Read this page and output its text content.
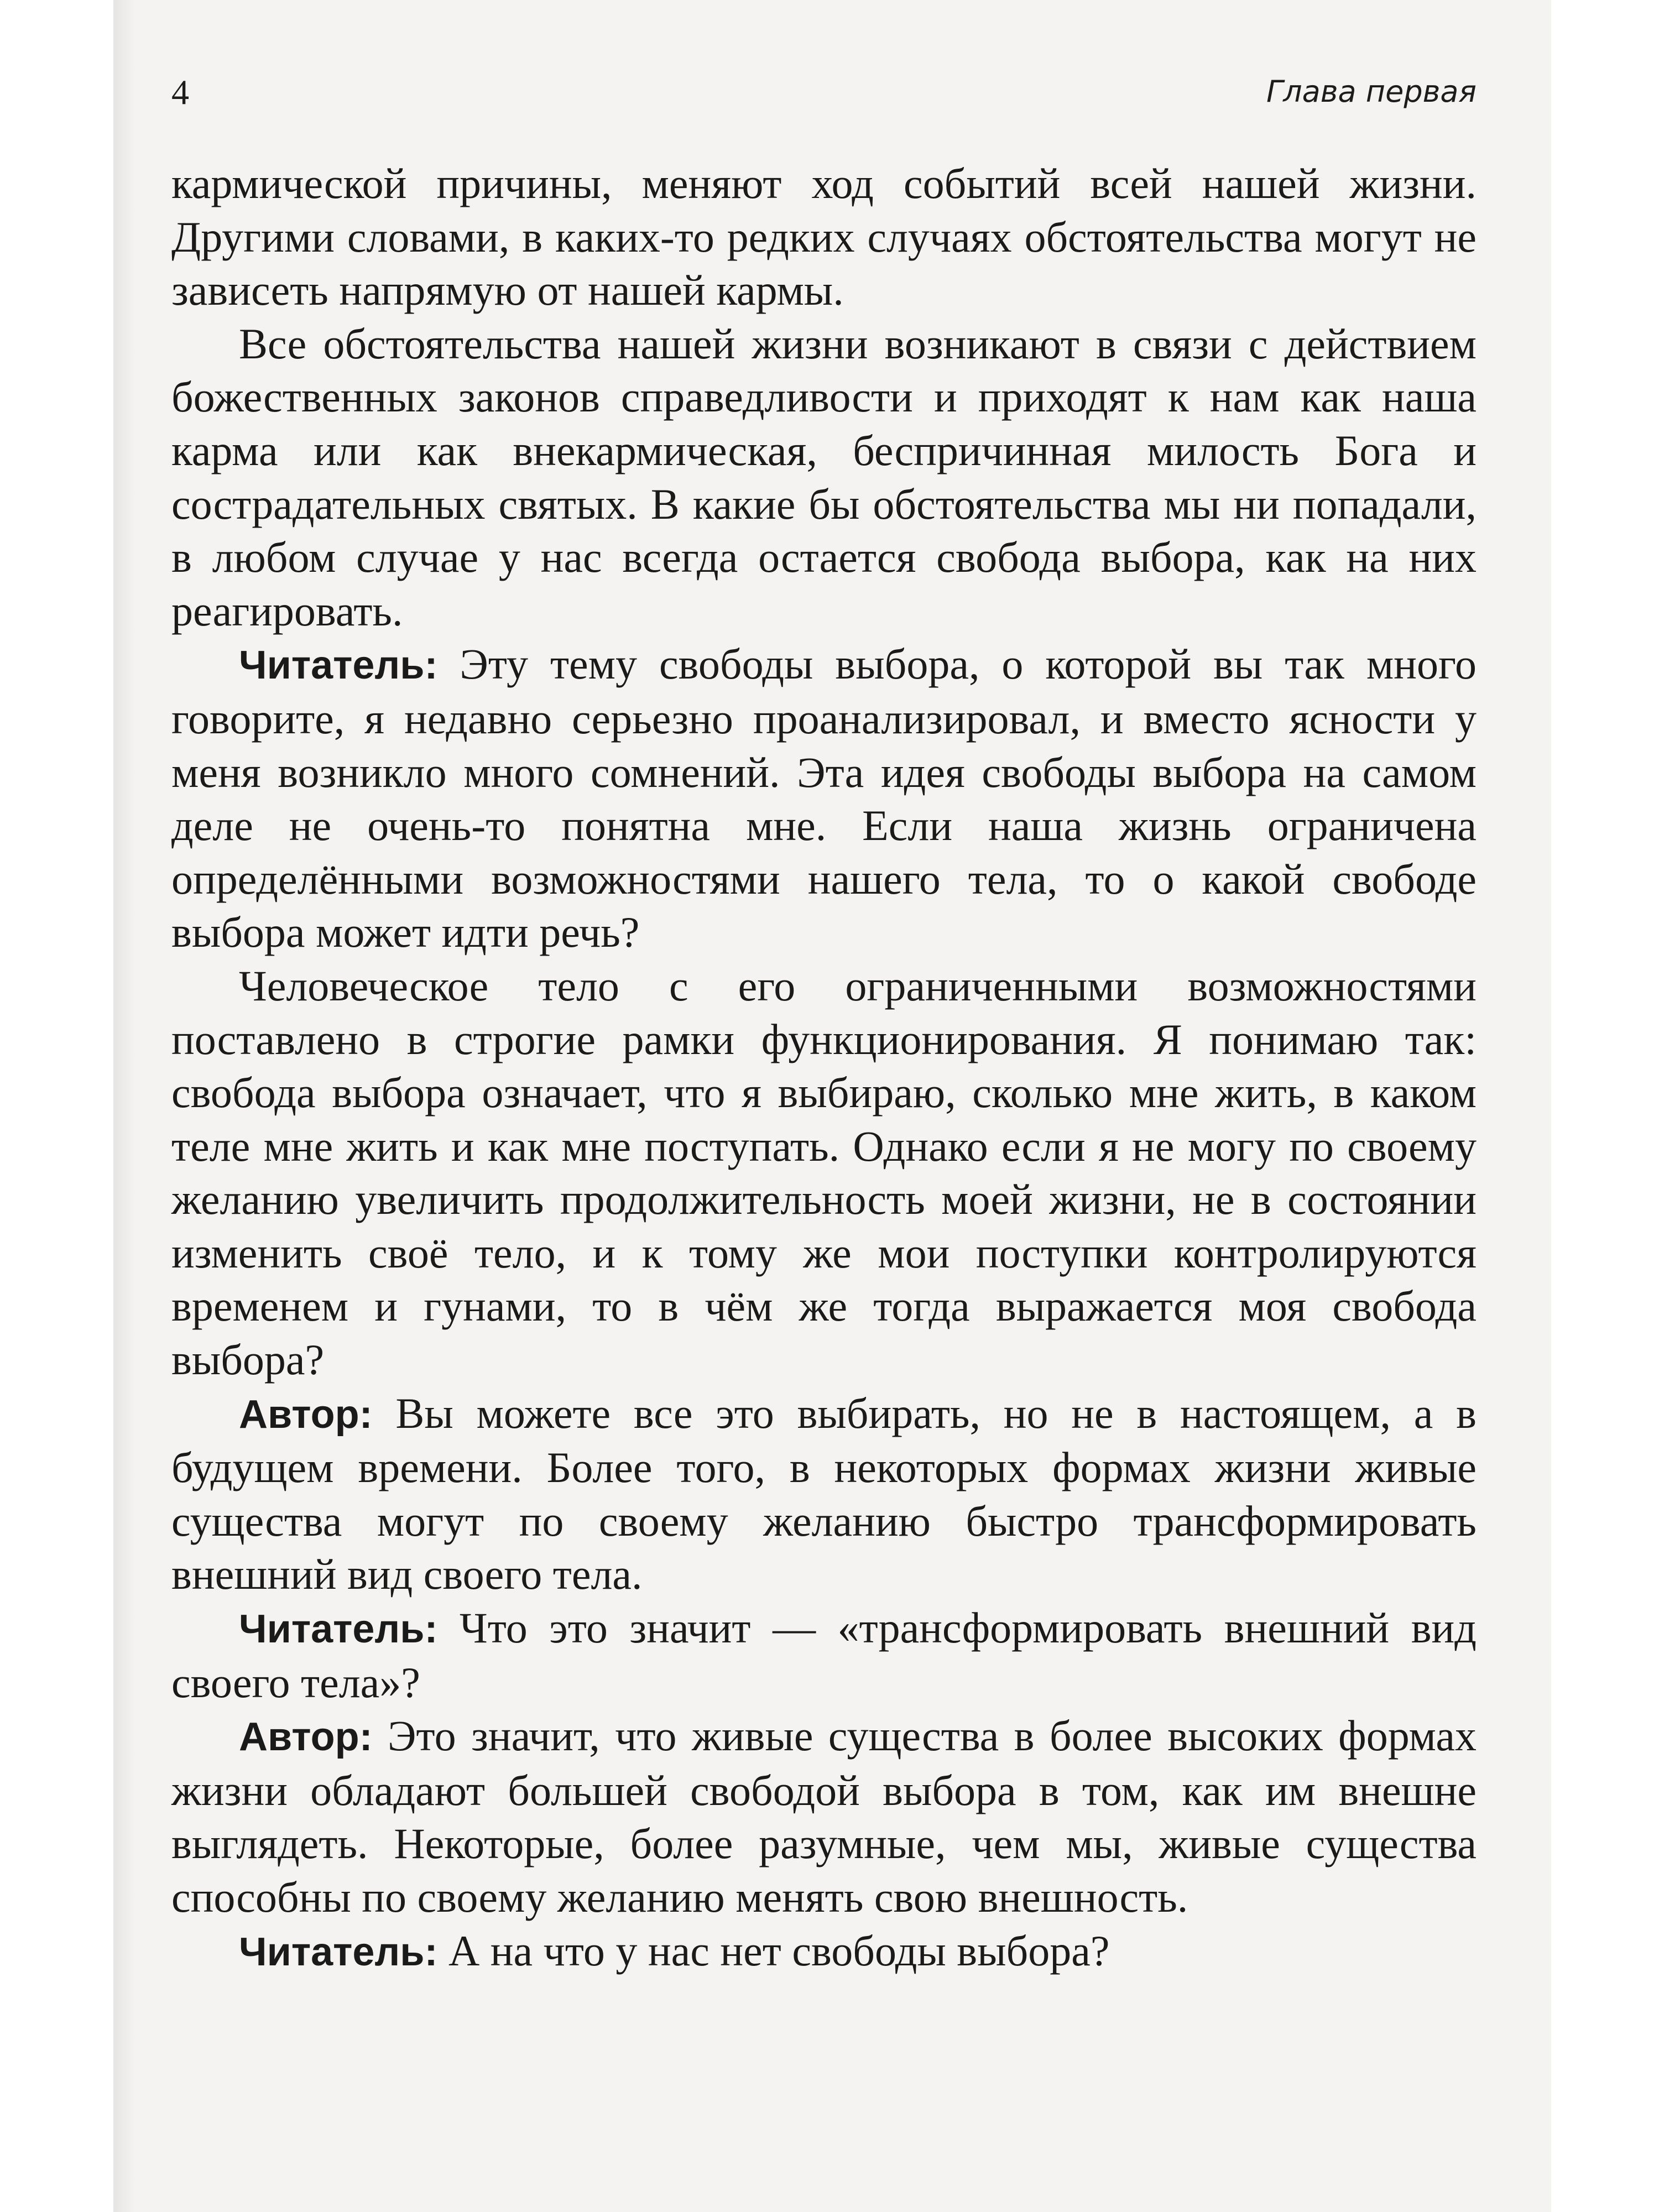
4	Глава первая

кармической причины, меняют ход событий всей нашей жизни. Другими словами, в каких-то редких случаях обстоятельства могут не зависеть напрямую от нашей кармы.

Все обстоятельства нашей жизни возникают в связи с действием божественных законов справедливости и приходят к нам как наша карма или как внекармическая, беспричинная милость Бога и сострадательных святых. В какие бы обстоятельства мы ни попадали, в любом случае у нас всегда остается свобода выбора, как на них реагировать.

Читатель: Эту тему свободы выбора, о которой вы так много говорите, я недавно серьезно проанализировал, и вместо ясности у меня возникло много сомнений. Эта идея свободы выбора на самом деле не очень-то понятна мне. Если наша жизнь ограничена определёнными возможностями нашего тела, то о какой свободе выбора может идти речь?

Человеческое тело с его ограниченными возможностями поставлено в строгие рамки функционирования. Я понимаю так: свобода выбора означает, что я выбираю, сколько мне жить, в каком теле мне жить и как мне поступать. Однако если я не могу по своему желанию увеличить продолжительность моей жизни, не в состоянии изменить своё тело, и к тому же мои поступки контролируются временем и гунами, то в чём же тогда выражается моя свобода выбора?

Автор: Вы можете все это выбирать, но не в настоящем, а в будущем времени. Более того, в некоторых формах жизни живые существа могут по своему желанию быстро трансформировать внешний вид своего тела.

Читатель: Что это значит — «трансформировать внешний вид своего тела»?

Автор: Это значит, что живые существа в более высоких формах жизни обладают большей свободой выбора в том, как им внешне выглядеть. Некоторые, более разумные, чем мы, живые существа способны по своему желанию менять свою внешность.

Читатель: А на что у нас нет свободы выбора?
